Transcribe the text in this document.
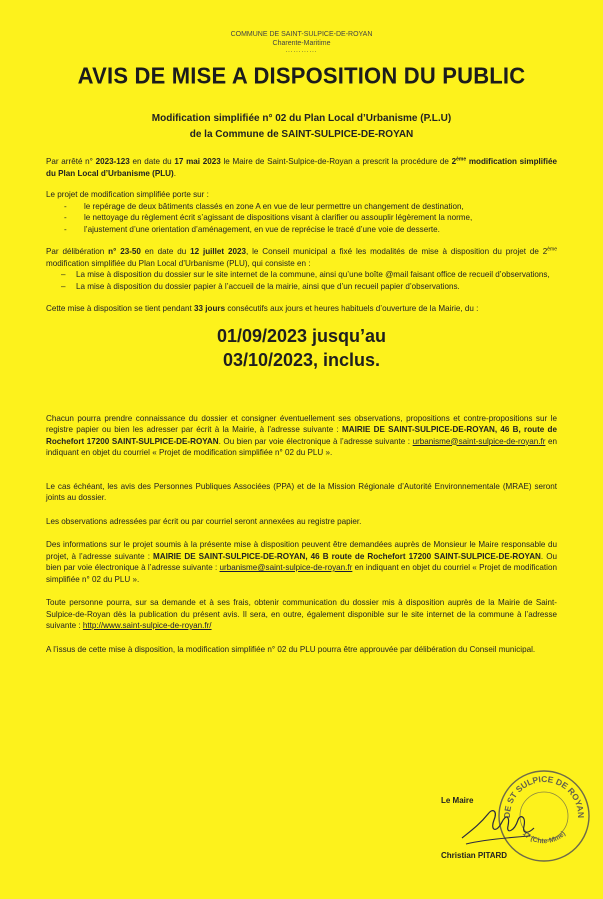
COMMUNE DE SAINT-SULPICE-DE-ROYAN
Charente-Maritime
............
AVIS DE MISE A DISPOSITION DU PUBLIC
Modification simplifiée n° 02 du Plan Local d’Urbanisme (P.L.U)
de la Commune de SAINT-SULPICE-DE-ROYAN

Par arrêté n° 2023-123 en date du 17 mai 2023 le Maire de Saint-Sulpice-de-Royan a prescrit la procédure de 2ème modification simplifiée du Plan Local d’Urbanisme (PLU).

Le projet de modification simplifiée porte sur :

- le repérage de deux bâtiments classés en zone A en vue de leur permettre un changement de destination,
- le nettoyage du règlement écrit s’agissant de dispositions visant à clarifier ou assouplir légèrement la norme,
- l’ajustement d’une orientation d’aménagement, en vue de reprécise le tracé d’une voie de desserte.

Par délibération n° 23-50 en date du 12 juillet 2023, le Conseil municipal a fixé les modalités de mise à disposition du projet de 2ème modification simplifiée du Plan Local d’Urbanisme (PLU), qui consiste en :

– La mise à disposition du dossier sur le site internet de la commune, ainsi qu’une boîte @mail faisant office de recueil d’observations,
– La mise à disposition du dossier papier à l’accueil de la mairie, ainsi que d’un recueil papier d’observations.

Cette mise à disposition se tient pendant 33 jours consécutifs aux jours et heures habituels d’ouverture de la Mairie, du :

01/09/2023 jusqu’au
03/10/2023, inclus.

Chacun pourra prendre connaissance du dossier et consigner éventuellement ses observations, propositions et contre-propositions sur le registre papier ou bien les adresser par écrit à la Mairie, à l’adresse suivante : MAIRIE DE SAINT-SULPICE-DE-ROYAN, 46 B, route de Rochefort 17200 SAINT-SULPICE-DE-ROYAN. Ou bien par voie électronique à l’adresse suivante : urbanisme@saint-sulpice-de-royan.fr en indiquant en objet du courriel « Projet de modification simplifiée n° 02 du PLU ».

Le cas échéant, les avis des Personnes Publiques Associées (PPA) et de la Mission Régionale d’Autorité Environnementale (MRAE) seront joints au dossier.

Les observations adressées par écrit ou par courriel seront annexées au registre papier.

Des informations sur le projet soumis à la présente mise à disposition peuvent être demandées auprès de Monsieur le Maire responsable du projet, à l’adresse suivante : MAIRIE DE SAINT-SULPICE-DE-ROYAN, 46 B route de Rochefort 17200 SAINT-SULPICE-DE-ROYAN. Ou bien par voie électronique à l’adresse suivante : urbanisme@saint-sulpice-de-royan.fr en indiquant en objet du courriel « Projet de modification simplifiée n° 02 du PLU ».

Toute personne pourra, sur sa demande et à ses frais, obtenir communication du dossier mis à disposition auprès de la Mairie de Saint-Sulpice-de-Royan dès la publication du présent avis. Il sera, en outre, également disponible sur le site internet de la commune à l’adresse suivante : http://www.saint-sulpice-de-royan.fr/

A l’issus de cette mise à disposition, la modification simplifiée n° 02 du PLU pourra être approuvée par délibération du Conseil municipal.

Le Maire
DE ST SULPICE DE ROYAN
17 (Chte-Mme)
Christian PITARD
